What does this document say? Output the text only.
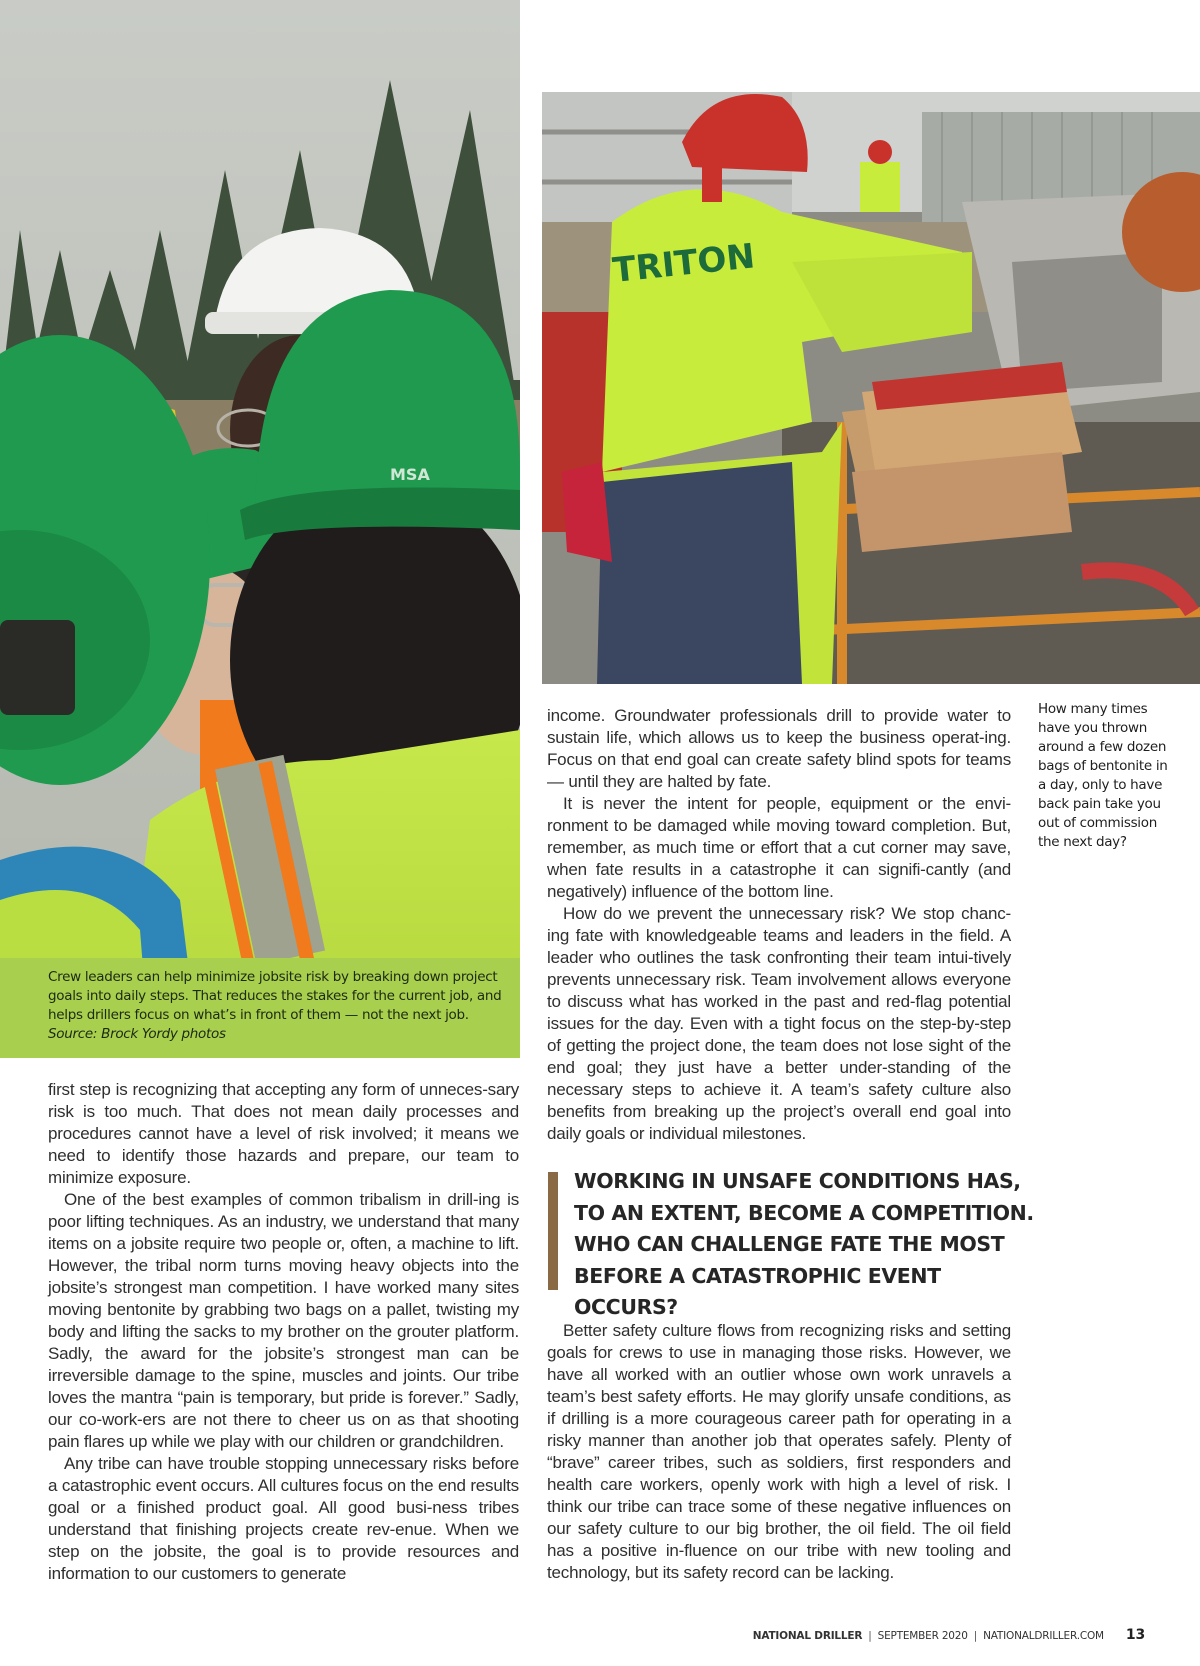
MSA
Crew leaders can help minimize jobsite risk by breaking down project goals into daily steps. That reduces the stakes for the current job, and helps drillers focus on what’s in front of them — not the next job.
Source: Brock Yordy photos
TRITON
How many times have you thrown around a few dozen bags of bentonite in a day, only to have back pain take you out of commission the next day?

income. Groundwater professionals drill to provide water to sustain life, which allows us to keep the business operat-ing. Focus on that end goal can create safety blind spots for teams — until they are halted by fate.

It is never the intent for people, equipment or the envi-ronment to be damaged while moving toward completion. But, remember, as much time or effort that a cut corner may save, when fate results in a catastrophe it can signifi-cantly (and negatively) influence of the bottom line.

How do we prevent the unnecessary risk? We stop chanc-ing fate with knowledgeable teams and leaders in the field. A leader who outlines the task confronting their team intui-tively prevents unnecessary risk. Team involvement allows everyone to discuss what has worked in the past and red-flag potential issues for the day. Even with a tight focus on the step-by-step of getting the project done, the team does not lose sight of the end goal; they just have a better under-standing of the necessary steps to achieve it. A team’s safety culture also benefits from breaking up the project’s overall end goal into daily goals or individual milestones.

first step is recognizing that accepting any form of unneces-sary risk is too much. That does not mean daily processes and procedures cannot have a level of risk involved; it means we need to identify those hazards and prepare, our team to minimize exposure.

One of the best examples of common tribalism in drill-ing is poor lifting techniques. As an industry, we understand that many items on a jobsite require two people or, often, a machine to lift. However, the tribal norm turns moving heavy objects into the jobsite’s strongest man competition. I have worked many sites moving bentonite by grabbing two bags on a pallet, twisting my body and lifting the sacks to my brother on the grouter platform. Sadly, the award for the jobsite’s strongest man can be irreversible damage to the spine, muscles and joints. Our tribe loves the mantra “pain is temporary, but pride is forever.” Sadly, our co-work-ers are not there to cheer us on as that shooting pain flares up while we play with our children or grandchildren.

Any tribe can have trouble stopping unnecessary risks before a catastrophic event occurs. All cultures focus on the end results goal or a finished product goal. All good busi-ness tribes understand that finishing projects create rev-enue. When we step on the jobsite, the goal is to provide resources and information to our customers to generate

WORKING IN UNSAFE CONDITIONS HAS,
TO AN EXTENT, BECOME A COMPETITION.
WHO CAN CHALLENGE FATE THE MOST
BEFORE A CATASTROPHIC EVENT OCCURS?

Better safety culture flows from recognizing risks and setting goals for crews to use in managing those risks. However, we have all worked with an outlier whose own work unravels a team’s best safety efforts. He may glorify unsafe conditions, as if drilling is a more courageous career path for operating in a risky manner than another job that operates safely. Plenty of “brave” career tribes, such as soldiers, first responders and health care workers, openly work with high a level of risk. I think our tribe can trace some of these negative influences on our safety culture to our big brother, the oil field. The oil field has a positive in-fluence on our tribe with new tooling and technology, but its safety record can be lacking.

NATIONAL DRILLER | SEPTEMBER 2020 | NATIONALDRILLER.COM 13
